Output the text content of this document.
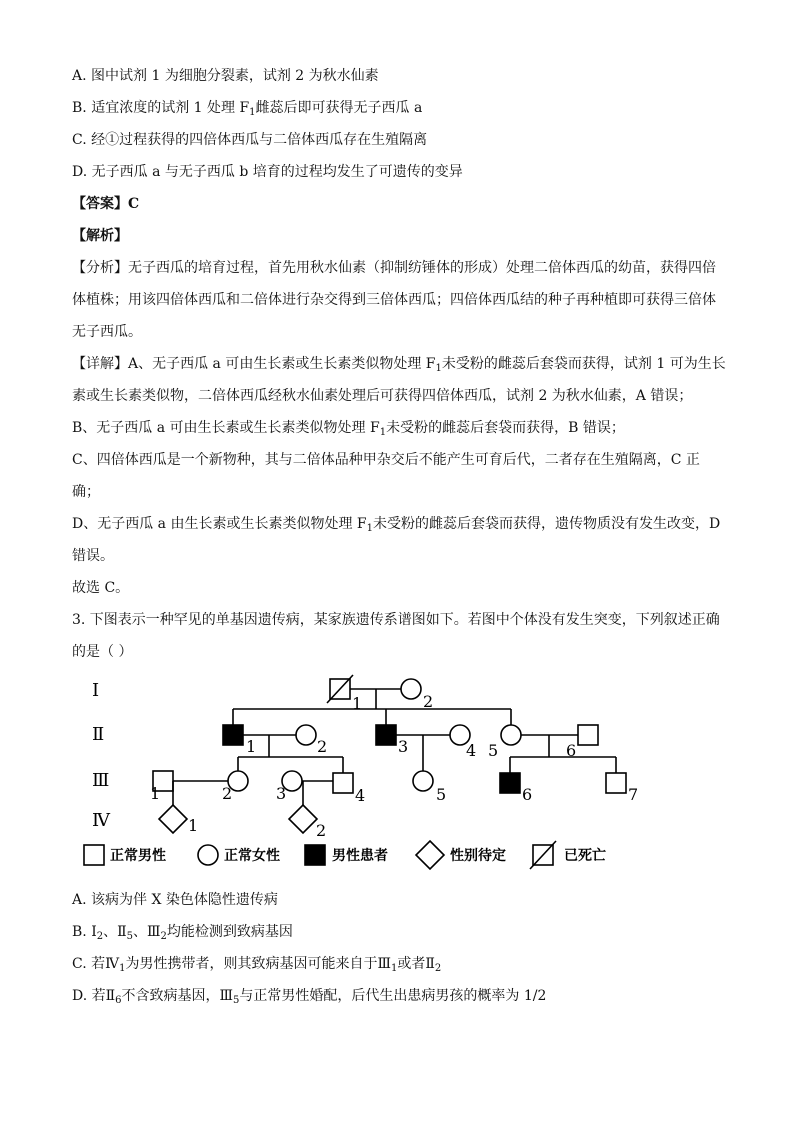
A. 图中试剂 1 为细胞分裂素，试剂 2 为秋水仙素
B. 适宜浓度的试剂 1 处理 $F_1$雌蕊后即可获得无子西瓜 a
C. 经①过程获得的四倍体西瓜与二倍体西瓜存在生殖隔离
D. 无子西瓜 a 与无子西瓜 b 培育的过程均发生了可遗传的变异
【答案】C
【解析】
【分析】无子西瓜的培育过程，首先用秋水仙素（抑制纺锤体的形成）处理二倍体西瓜的幼苗，获得四倍
体植株；用该四倍体西瓜和二倍体进行杂交得到三倍体西瓜；四倍体西瓜结的种子再种植即可获得三倍体
无子西瓜。
【详解】A、无子西瓜 a 可由生长素或生长素类似物处理 $F_1$未受粉的雌蕊后套袋而获得，试剂 1 可为生长
素或生长素类似物，二倍体西瓜经秋水仙素处理后可获得四倍体西瓜，试剂 2 为秋水仙素，A 错误；
B、无子西瓜 a 可由生长素或生长素类似物处理 $F_1$未受粉的雌蕊后套袋而获得，B 错误；
C、四倍体西瓜是一个新物种，其与二倍体品种甲杂交后不能产生可育后代，二者存在生殖隔离，C 正
确；
D、无子西瓜 a 由生长素或生长素类似物处理 $F_1$未受粉的雌蕊后套袋而获得，遗传物质没有发生改变，D
错误。
故选 C。
3. 下图表示一种罕见的单基因遗传病，某家族遗传系谱图如下。若图中个体没有发生突变，下列叙述正确
的是（ ）
Ⅰ
Ⅱ
Ⅲ
Ⅳ
1	2
1	2	3	4 5	6
1	2	3	4	5	6	7
1	2
正常男性	正常女性	男性患者	性别待定	已死亡
A. 该病为伴 X 染色体隐性遗传病
B. $Ⅰ_2$、$Ⅱ_5$、$Ⅲ_2$均能检测到致病基因
C. 若$Ⅳ_1$为男性携带者，则其致病基因可能来自于$Ⅲ_1$或者$Ⅱ_2$
D. 若$Ⅱ_6$不含致病基因，$Ⅲ_5$与正常男性婚配，后代生出患病男孩的概率为 1/2
